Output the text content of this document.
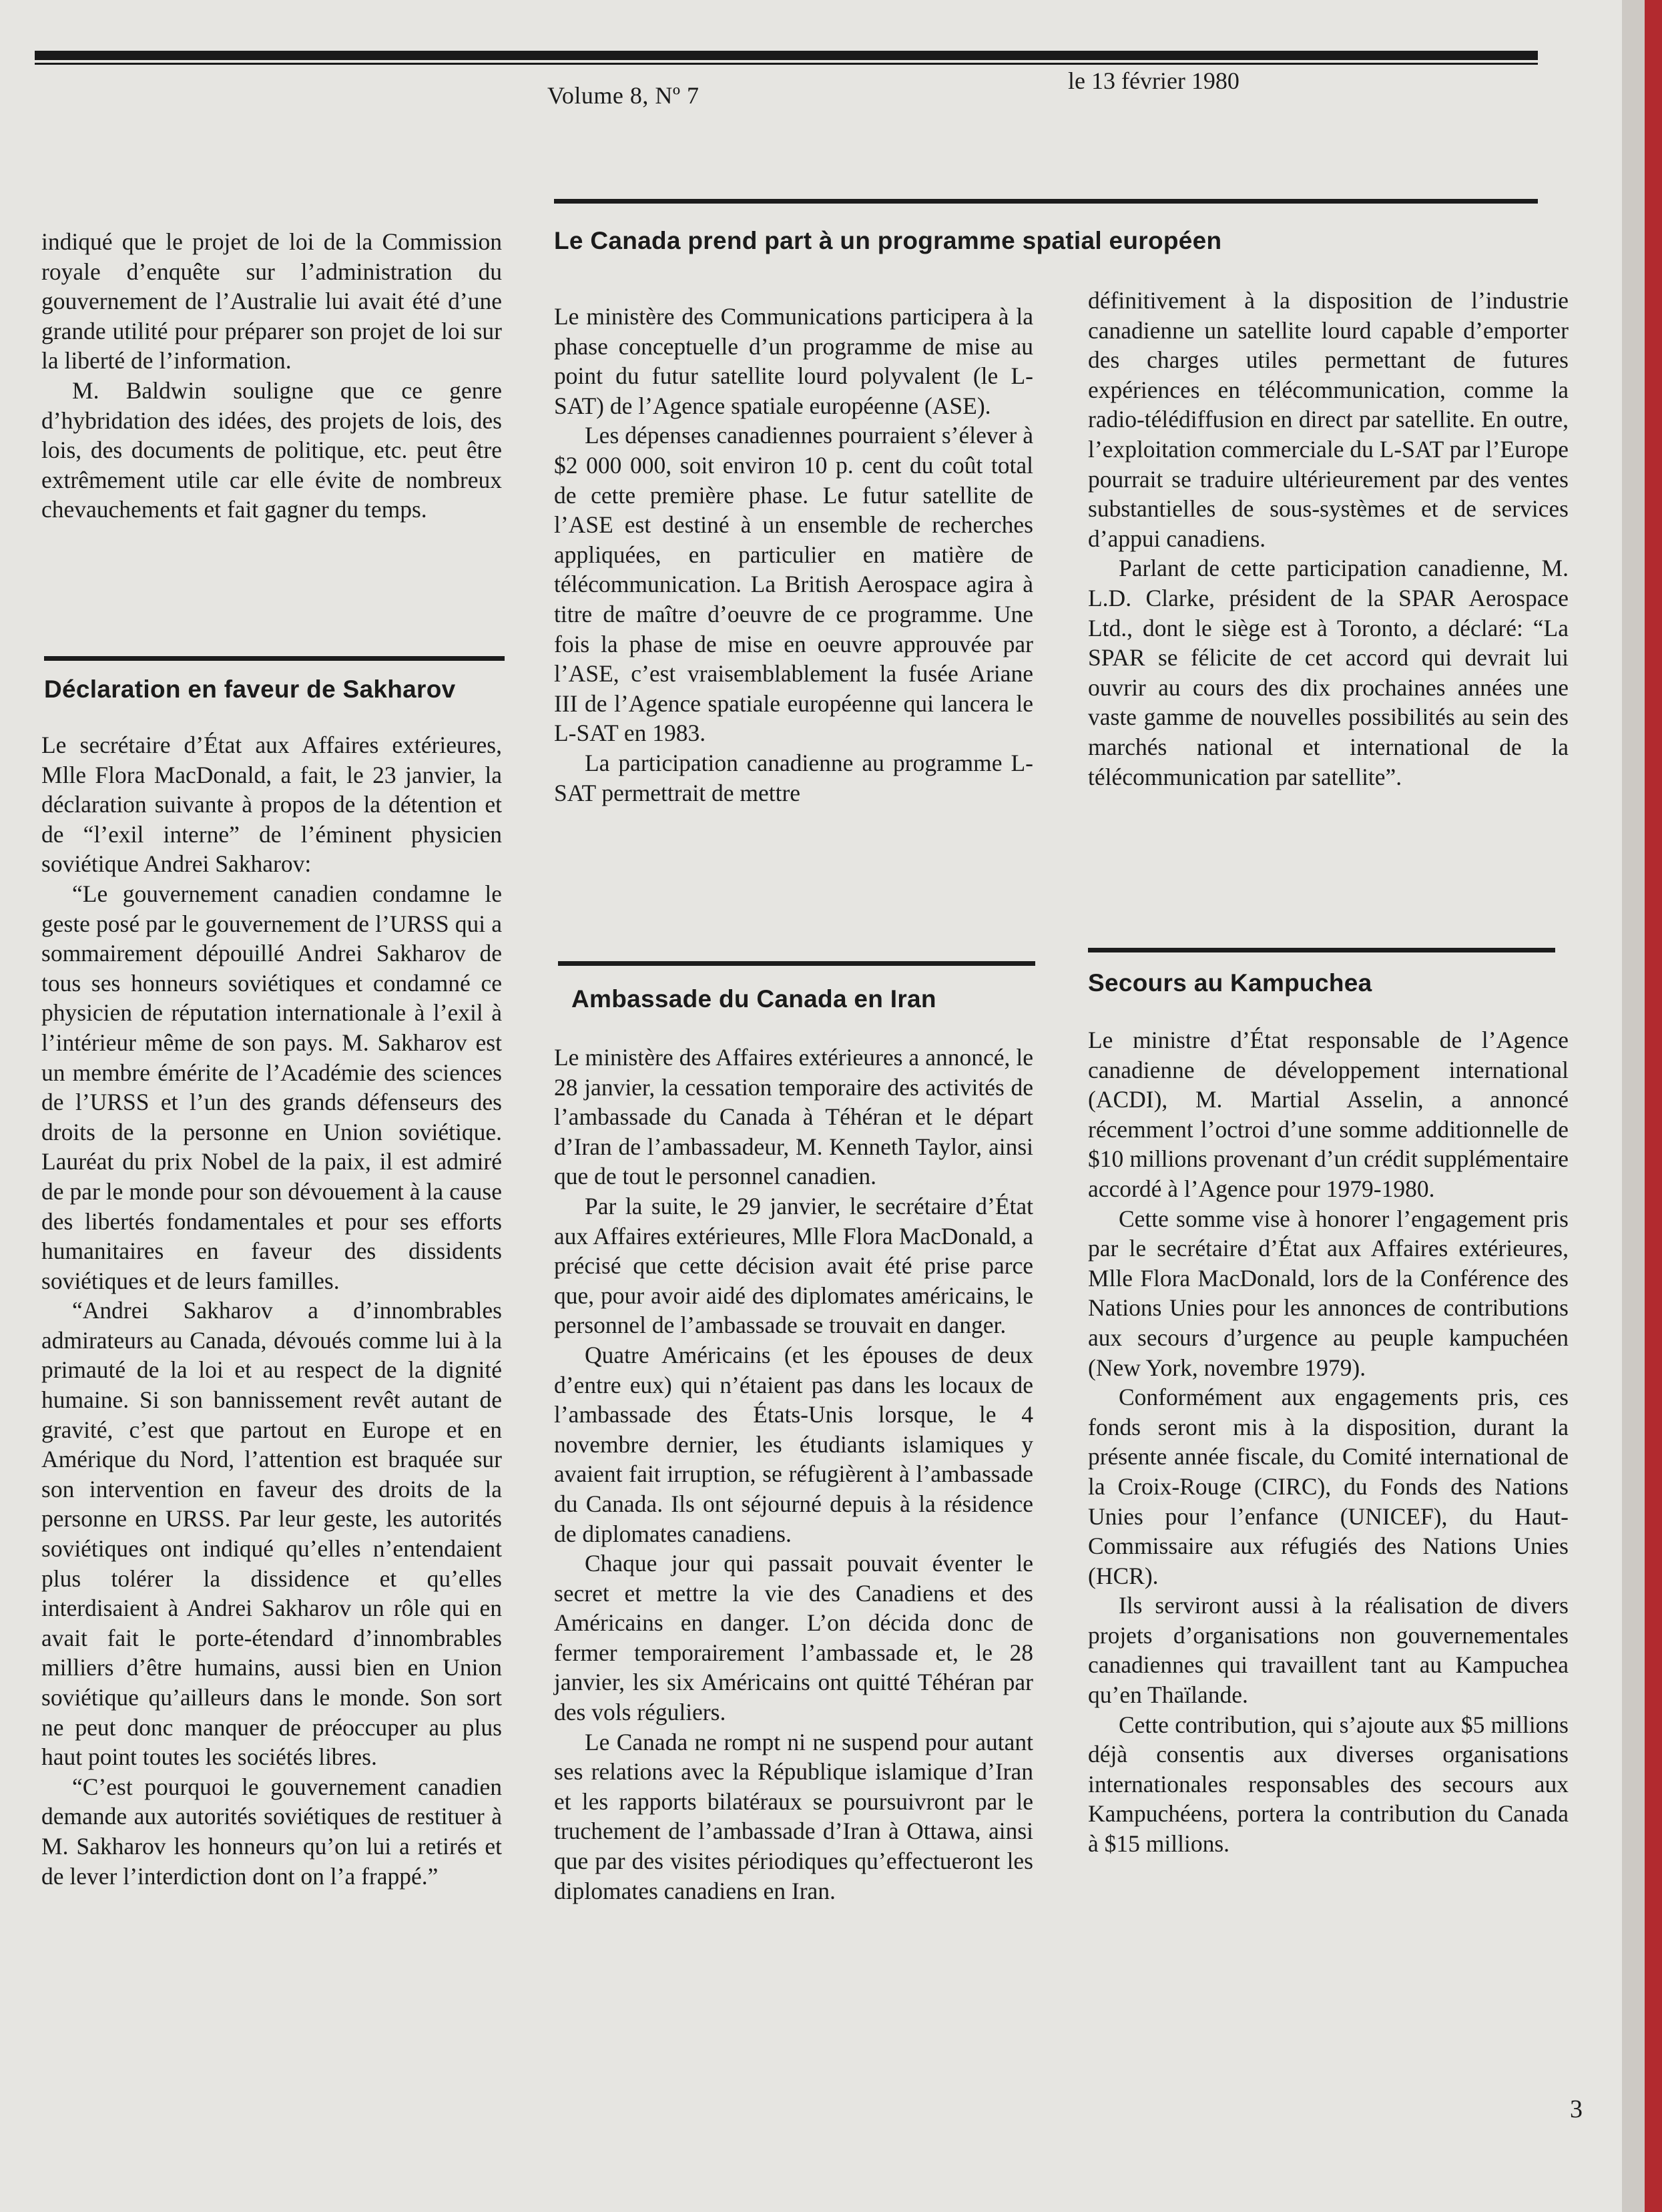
Volume 8, Nº 7
le 13 février 1980

indiqué que le projet de loi de la Commission royale d’enquête sur l’administration du gouvernement de l’Australie lui avait été d’une grande utilité pour préparer son projet de loi sur la liberté de l’information.

M. Baldwin souligne que ce genre d’hybridation des idées, des projets de lois, des lois, des documents de politique, etc. peut être extrêmement utile car elle évite de nombreux chevauchements et fait gagner du temps.

Déclaration en faveur de Sakharov

Le secrétaire d’État aux Affaires extérieures, Mlle Flora MacDonald, a fait, le 23 janvier, la déclaration suivante à propos de la détention et de “l’exil interne” de l’éminent physicien soviétique Andrei Sakharov:

“Le gouvernement canadien condamne le geste posé par le gouvernement de l’URSS qui a sommairement dépouillé Andrei Sakharov de tous ses honneurs soviétiques et condamné ce physicien de réputation internationale à l’exil à l’intérieur même de son pays. M. Sakharov est un membre émérite de l’Académie des sciences de l’URSS et l’un des grands défenseurs des droits de la personne en Union soviétique. Lauréat du prix Nobel de la paix, il est admiré de par le monde pour son dévouement à la cause des libertés fondamentales et pour ses efforts humanitaires en faveur des dissidents soviétiques et de leurs familles.

“Andrei Sakharov a d’innombrables admirateurs au Canada, dévoués comme lui à la primauté de la loi et au respect de la dignité humaine. Si son bannissement revêt autant de gravité, c’est que partout en Europe et en Amérique du Nord, l’attention est braquée sur son intervention en faveur des droits de la personne en URSS. Par leur geste, les autorités soviétiques ont indiqué qu’elles n’entendaient plus tolérer la dissidence et qu’elles interdisaient à Andrei Sakharov un rôle qui en avait fait le porte-étendard d’innombrables milliers d’être humains, aussi bien en Union soviétique qu’ailleurs dans le monde. Son sort ne peut donc manquer de préoccuper au plus haut point toutes les sociétés libres.

“C’est pourquoi le gouvernement canadien demande aux autorités soviétiques de restituer à M. Sakharov les honneurs qu’on lui a retirés et de lever l’interdiction dont on l’a frappé.”

Le Canada prend part à un programme spatial européen

Le ministère des Communications participera à la phase conceptuelle d’un programme de mise au point du futur satellite lourd polyvalent (le L-SAT) de l’Agence spatiale européenne (ASE).

Les dépenses canadiennes pourraient s’élever à $2 000 000, soit environ 10 p. cent du coût total de cette première phase. Le futur satellite de l’ASE est destiné à un ensemble de recherches appliquées, en particulier en matière de télécommunication. La British Aerospace agira à titre de maître d’oeuvre de ce programme. Une fois la phase de mise en oeuvre approuvée par l’ASE, c’est vraisemblablement la fusée Ariane III de l’Agence spatiale européenne qui lancera le L-SAT en 1983.

La participation canadienne au programme L-SAT permettrait de mettre

définitivement à la disposition de l’industrie canadienne un satellite lourd capable d’emporter des charges utiles permettant de futures expériences en télécommunication, comme la radio-télédiffusion en direct par satellite. En outre, l’exploitation commerciale du L-SAT par l’Europe pourrait se traduire ultérieurement par des ventes substantielles de sous-systèmes et de services d’appui canadiens.

Parlant de cette participation canadienne, M. L.D. Clarke, président de la SPAR Aerospace Ltd., dont le siège est à Toronto, a déclaré: “La SPAR se félicite de cet accord qui devrait lui ouvrir au cours des dix prochaines années une vaste gamme de nouvelles possibilités au sein des marchés national et international de la télécommunication par satellite”.

Ambassade du Canada en Iran

Le ministère des Affaires extérieures a annoncé, le 28 janvier, la cessation temporaire des activités de l’ambassade du Canada à Téhéran et le départ d’Iran de l’ambassadeur, M. Kenneth Taylor, ainsi que de tout le personnel canadien.

Par la suite, le 29 janvier, le secrétaire d’État aux Affaires extérieures, Mlle Flora MacDonald, a précisé que cette décision avait été prise parce que, pour avoir aidé des diplomates américains, le personnel de l’ambassade se trouvait en danger.

Quatre Américains (et les épouses de deux d’entre eux) qui n’étaient pas dans les locaux de l’ambassade des États-Unis lorsque, le 4 novembre dernier, les étudiants islamiques y avaient fait irruption, se réfugièrent à l’ambassade du Canada. Ils ont séjourné depuis à la résidence de diplomates canadiens.

Chaque jour qui passait pouvait éventer le secret et mettre la vie des Canadiens et des Américains en danger. L’on décida donc de fermer temporairement l’ambassade et, le 28 janvier, les six Américains ont quitté Téhéran par des vols réguliers.

Le Canada ne rompt ni ne suspend pour autant ses relations avec la République islamique d’Iran et les rapports bilatéraux se poursuivront par le truchement de l’ambassade d’Iran à Ottawa, ainsi que par des visites périodiques qu’effectueront les diplomates canadiens en Iran.

Secours au Kampuchea

Le ministre d’État responsable de l’Agence canadienne de développement international (ACDI), M. Martial Asselin, a annoncé récemment l’octroi d’une somme additionnelle de $10 millions provenant d’un crédit supplémentaire accordé à l’Agence pour 1979-1980.

Cette somme vise à honorer l’engagement pris par le secrétaire d’État aux Affaires extérieures, Mlle Flora MacDonald, lors de la Conférence des Nations Unies pour les annonces de contributions aux secours d’urgence au peuple kampuchéen (New York, novembre 1979).

Conformément aux engagements pris, ces fonds seront mis à la disposition, durant la présente année fiscale, du Comité international de la Croix-Rouge (CIRC), du Fonds des Nations Unies pour l’enfance (UNICEF), du Haut-Commissaire aux réfugiés des Nations Unies (HCR).

Ils serviront aussi à la réalisation de divers projets d’organisations non gouvernementales canadiennes qui travaillent tant au Kampuchea qu’en Thaïlande.

Cette contribution, qui s’ajoute aux $5 millions déjà consentis aux diverses organisations internationales responsables des secours aux Kampuchéens, portera la contribution du Canada à $15 millions.

3
